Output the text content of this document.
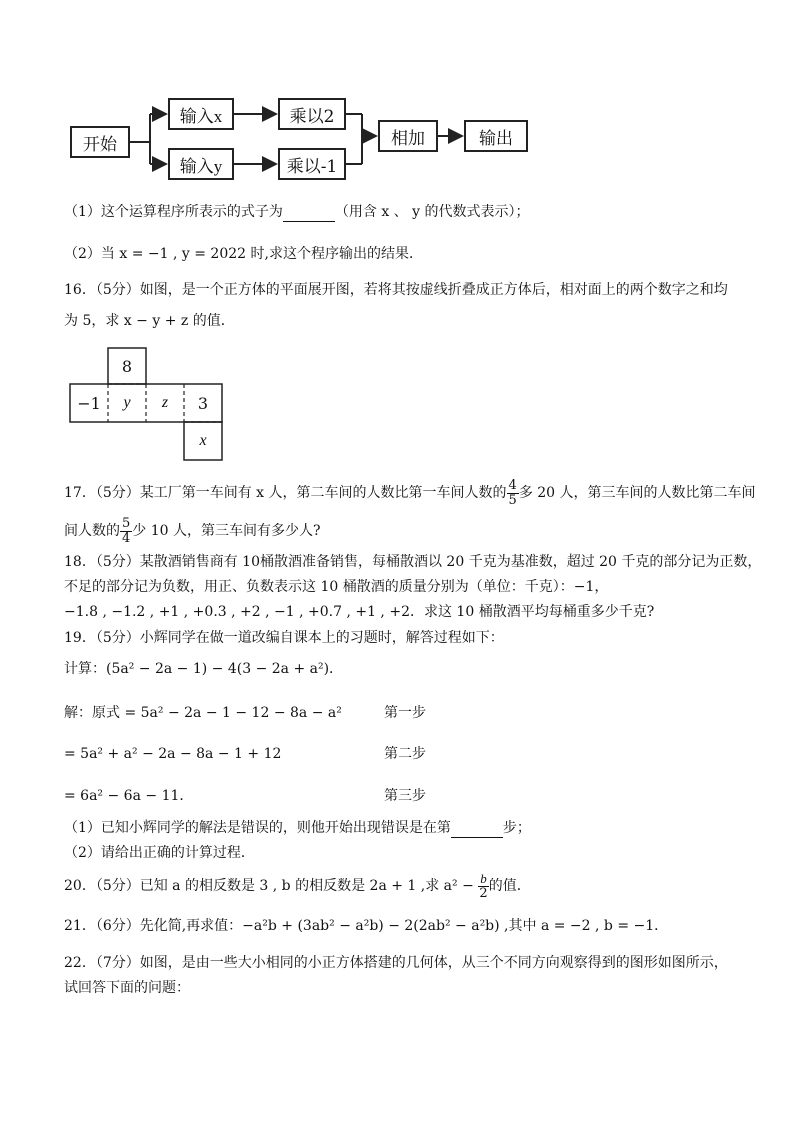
开始
输入x
输入y
乘以2
乘以-1
相加	输出
（1）这个运算程序所表示的式子为	（用含 x 、 y 的代数式表示）；
（2）当 x = −1 , y = 2022 时,求这个程序输出的结果．
16．（5分）如图，是一个正方体的平面展开图，若将其按虚线折叠成正方体后，相对面上的两个数字之和均
为 5，求 x − y + z 的值．
8
−1	y	z	3
x
17．（5分）某工厂第一车间有 x 人，第二车间的人数比第一车间人数的 $\frac{4}{5}$ 多 20 人，第三车间的人数比第二车间
间人数的 $\frac{5}{4}$ 少 10 人，第三车间有多少人?
18．（5分）某散酒销售商有 10桶散酒准备销售，每桶散酒以 20 千克为基准数，超过 20 千克的部分记为正数，
不足的部分记为负数，用正、负数表示这 10 桶散酒的质量分别为（单位：千克）：−1，
−1.8 , −1.2 , +1 , +0.3 , +2 , −1 , +0.7 , +1 , +2．求这 10 桶散酒平均每桶重多少千克?
19．（5分）小辉同学在做一道改编自课本上的习题时，解答过程如下：
计算：(5a² − 2a − 1) − 4(3 − 2a + a²)．
解：原式 = 5a² − 2a − 1 − 12 − 8a − a²	第一步
= 5a² + a² − 2a − 8a − 1 + 12	第二步
= 6a² − 6a − 11．	第三步
（1）已知小辉同学的解法是错误的，则他开始出现错误是在第	步；
（2）请给出正确的计算过程．
20．（5分）已知 a 的相反数是 3 , b 的相反数是 2a + 1 ,求 $a^2 - \frac{b}{2}$ 的值．
21．（6分）先化简,再求值：−a²b + (3ab² − a²b) − 2(2ab² − a²b) ,其中 a = −2 , b = −1．
22．（7分）如图，是由一些大小相同的小正方体搭建的几何体，从三个不同方向观察得到的图形如图所示，
试回答下面的问题：
